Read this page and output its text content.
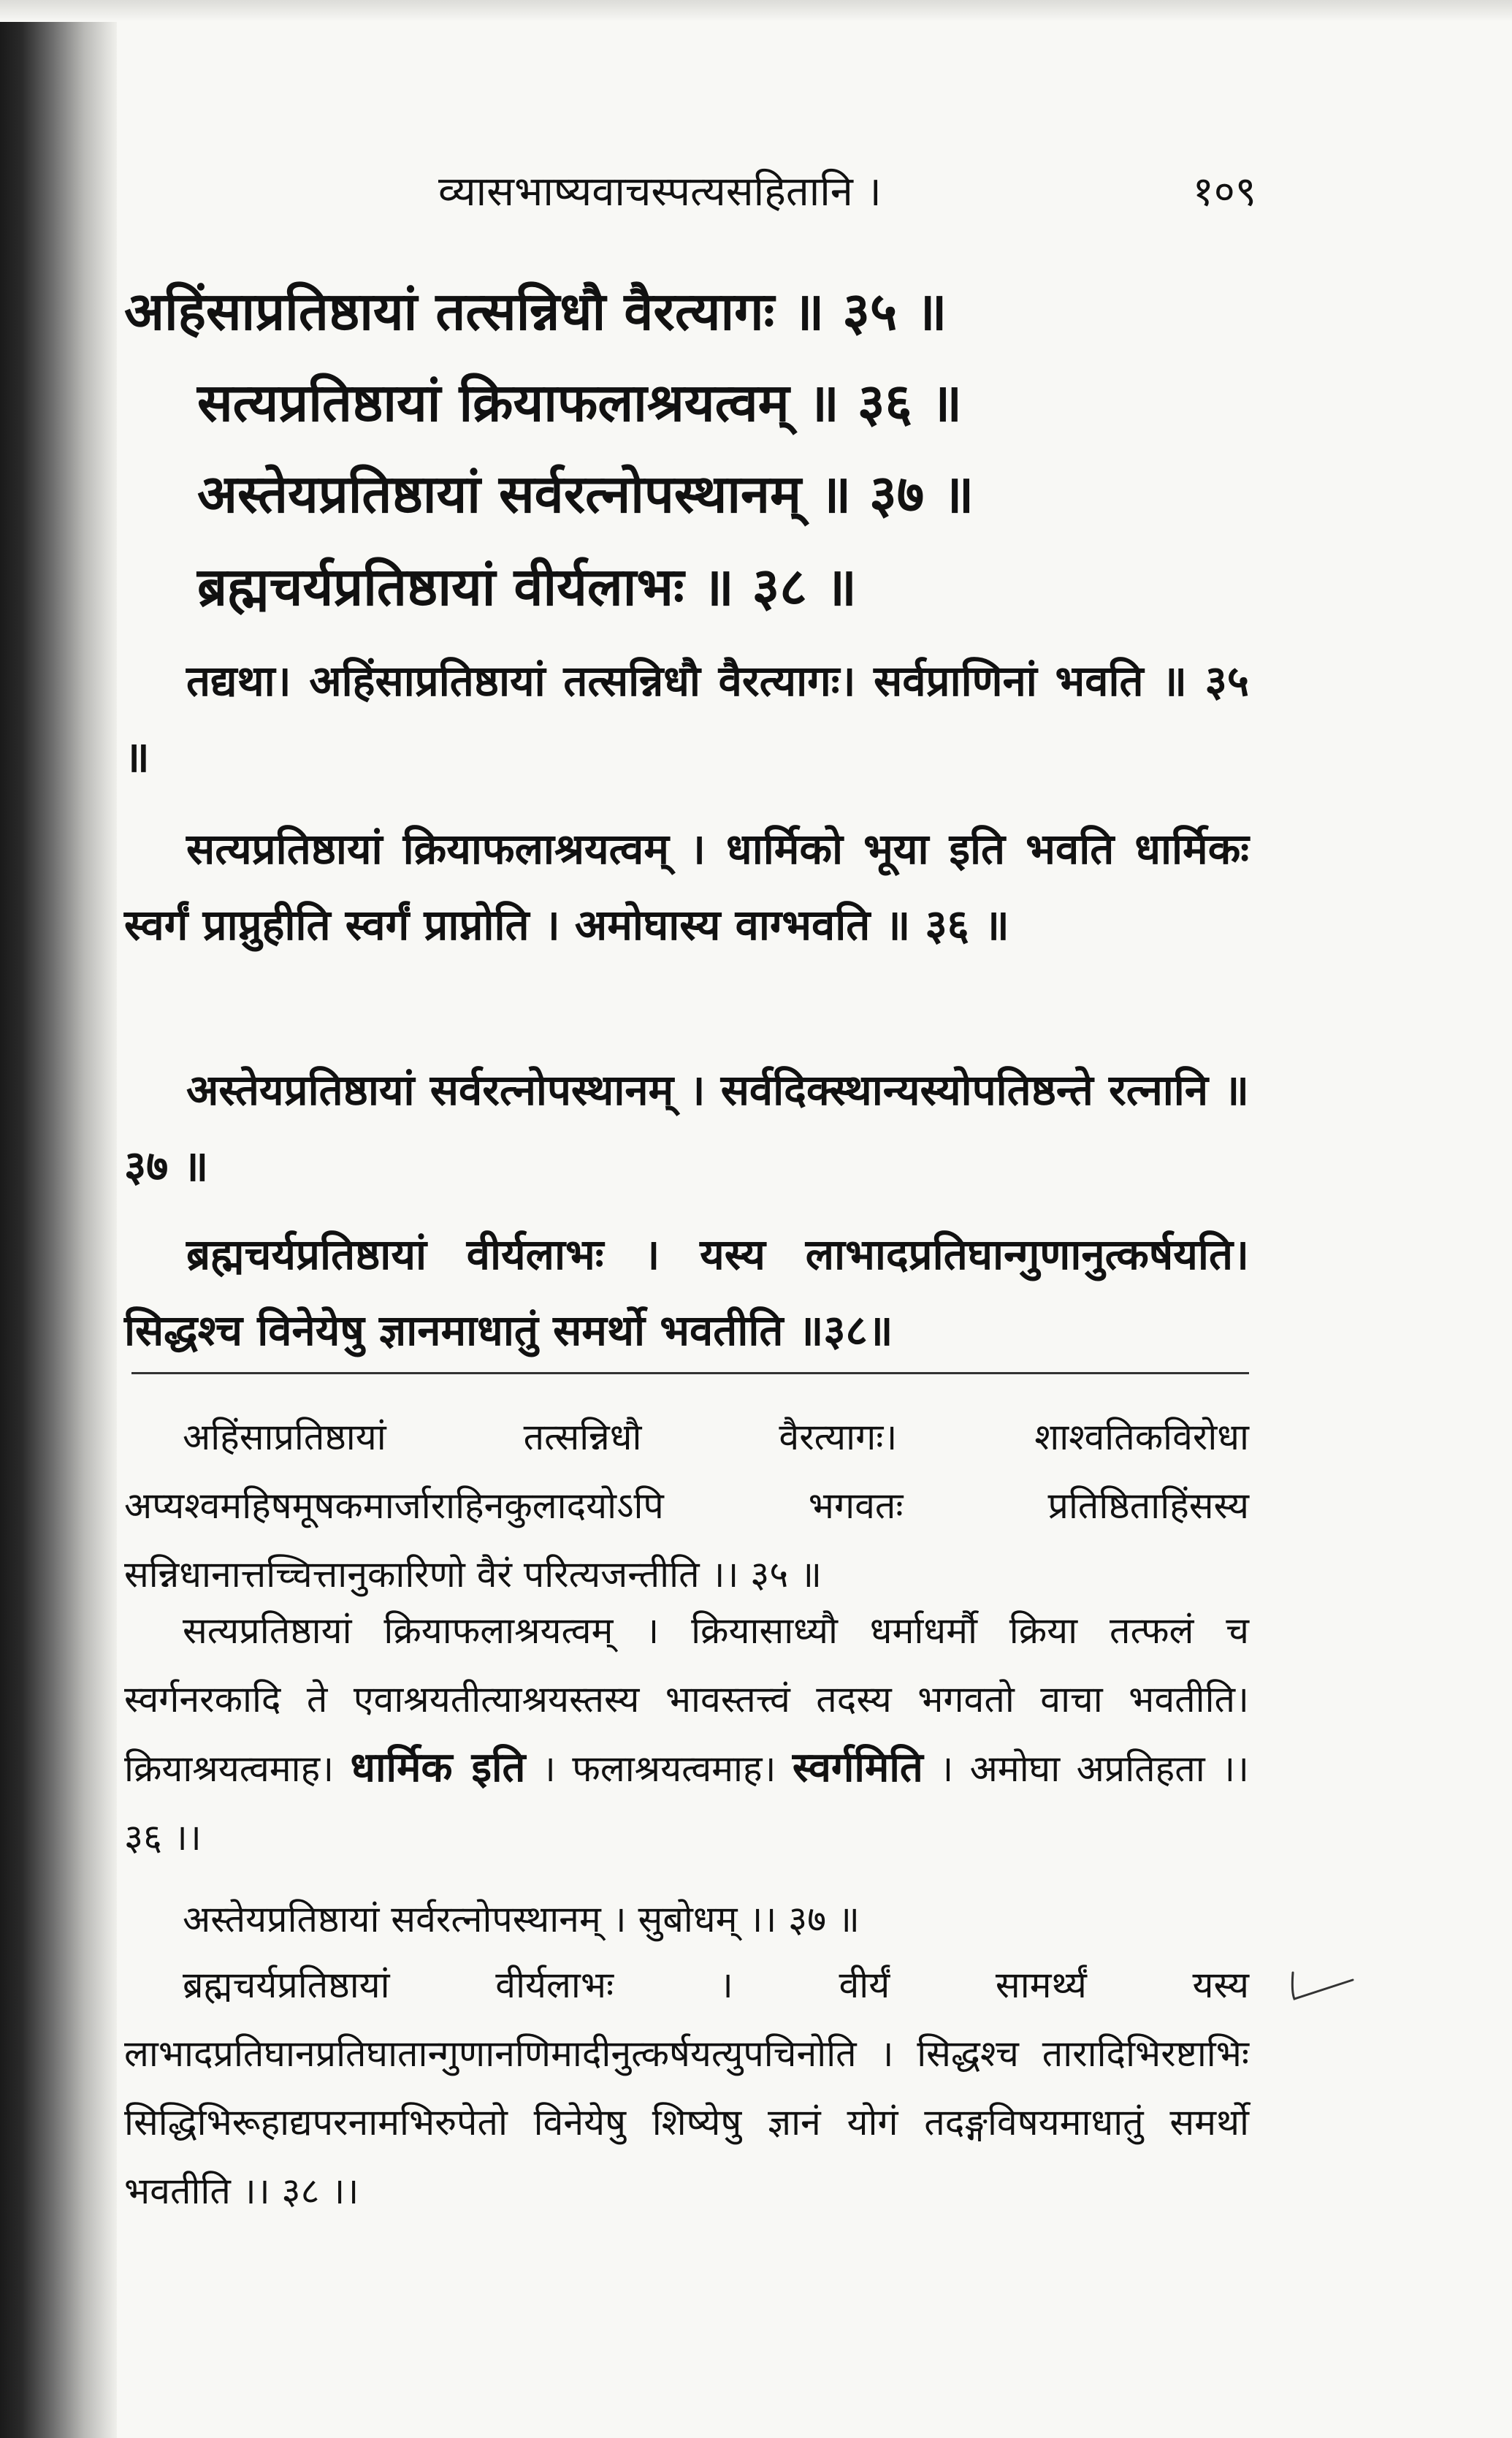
व्यासभाष्यवाचस्पत्यसहितानि ।	१०९
अहिंसाप्रतिष्ठायां तत्सन्निधौ वैरत्यागः ॥ ३५ ॥
सत्यप्रतिष्ठायां क्रियाफलाश्रयत्वम् ॥ ३६ ॥
अस्तेयप्रतिष्ठायां सर्वरत्नोपस्थानम् ॥ ३७ ॥
ब्रह्मचर्यप्रतिष्ठायां वीर्यलाभः ॥ ३८ ॥

तद्यथा। अहिंसाप्रतिष्ठायां तत्सन्निधौ वैरत्यागः। सर्वप्राणिनां भवति ॥ ३५ ॥

सत्यप्रतिष्ठायां क्रियाफलाश्रयत्वम् । धार्मिको भूया इति भवति धार्मिकः स्वर्गं प्राप्नुहीति स्वर्गं प्राप्नोति । अमोघास्य वाग्भवति ॥ ३६ ॥

अस्तेयप्रतिष्ठायां सर्वरत्नोपस्थानम् । सर्वदिक्स्थान्यस्योपतिष्ठन्ते रत्नानि ॥ ३७ ॥

ब्रह्मचर्यप्रतिष्ठायां वीर्यलाभः । यस्य लाभादप्रतिघान्गुणानुत्कर्षयति। सिद्धश्च विनेयेषु ज्ञानमाधातुं समर्थो भवतीति ॥३८॥

अहिंसाप्रतिष्ठायां तत्सन्निधौ वैरत्यागः। शाश्वतिकविरोधा अप्यश्वमहिषमूषकमार्जाराहिनकुलादयोऽपि भगवतः प्रतिष्ठिताहिंसस्य सन्निधानात्तच्चित्तानुकारिणो वैरं परित्यजन्तीति ।। ३५ ॥

सत्यप्रतिष्ठायां क्रियाफलाश्रयत्वम् । क्रियासाध्यौ धर्माधर्मौ क्रिया तत्फलं च स्वर्गनरकादि ते एवाश्रयतीत्याश्रयस्तस्य भावस्तत्त्वं तदस्य भगवतो वाचा भवतीति। क्रियाश्रयत्वमाह। धार्मिक इति । फलाश्रयत्वमाह। स्वर्गमिति । अमोघा अप्रतिहता ।। ३६ ।।

अस्तेयप्रतिष्ठायां सर्वरत्नोपस्थानम् । सुबोधम् ।। ३७ ॥

ब्रह्मचर्यप्रतिष्ठायां वीर्यलाभः । वीर्यं सामर्थ्यं यस्य लाभादप्रतिघानप्रतिघातान्गुणानणिमादीनुत्कर्षयत्युपचिनोति । सिद्धश्च तारादिभिरष्टाभिः सिद्धिभिरूहाद्यपरनामभिरुपेतो विनेयेषु शिष्येषु ज्ञानं योगं तदङ्गविषयमाधातुं समर्थो भवतीति ।। ३८ ।।
